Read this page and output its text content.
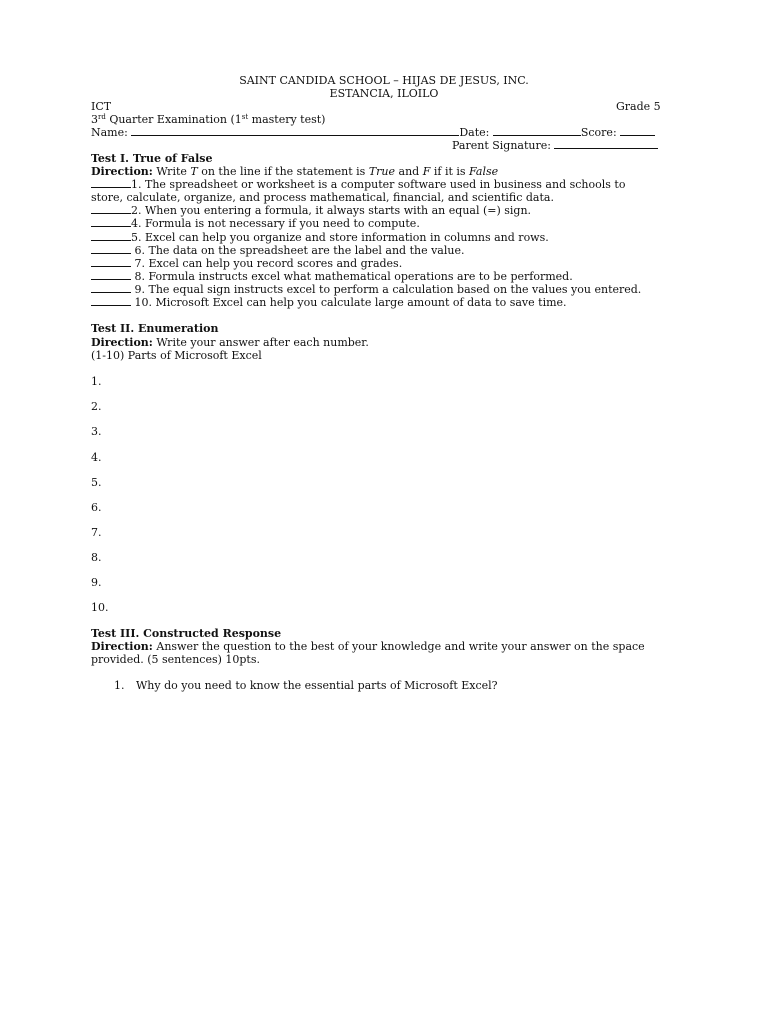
SAINT CANDIDA SCHOOL – HIJAS DE JESUS, INC.
ESTANCIA, ILOILO
ICT	Grade 5
3rd Quarter Examination (1st mastery test)
Name:	Date:	Score:
Parent Signature:
Test I. True of False
Direction: Write T on the line if the statement is True and F if it is False
1. The spreadsheet or worksheet is a computer software used in business and schools to
store, calculate, organize, and process mathematical, financial, and scientific data.
2. When you entering a formula, it always starts with an equal (=) sign.
4. Formula is not necessary if you need to compute.
5. Excel can help you organize and store information in columns and rows.
6. The data on the spreadsheet are the label and the value.
7. Excel can help you record scores and grades.
8. Formula instructs excel what mathematical operations are to be performed.
9. The equal sign instructs excel to perform a calculation based on the values you entered.
10. Microsoft Excel can help you calculate large amount of data to save time.
Test II. Enumeration
Direction: Write your answer after each number.
(1-10) Parts of Microsoft Excel
1.
2.
3.
4.
5.
6.
7.
8.
9.
10.
Test III. Constructed Response
Direction: Answer the question to the best of your knowledge and write your answer on the space
provided. (5 sentences) 10pts.
1. Why do you need to know the essential parts of Microsoft Excel?
